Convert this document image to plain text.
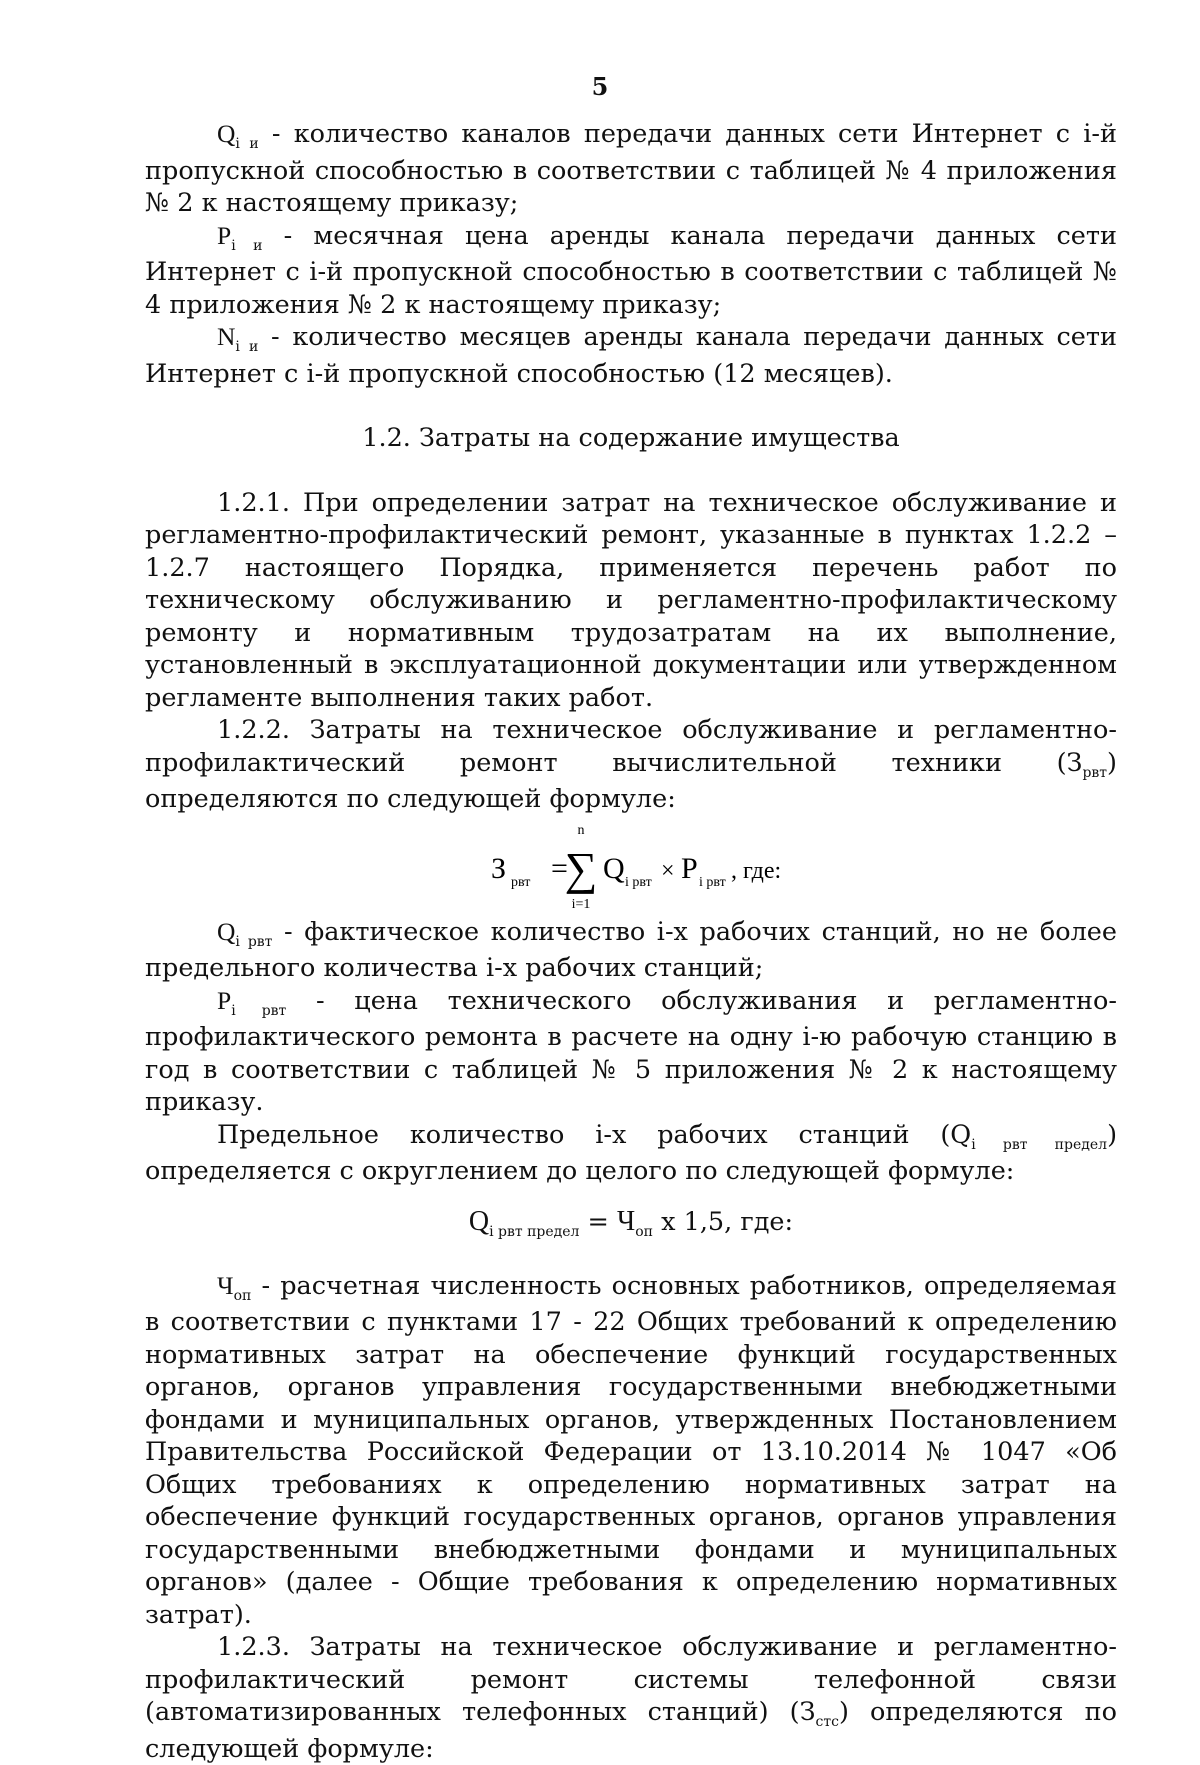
5

$Q_{i и}$ - количество каналов передачи данных сети Интернет с i-й пропускной способностью в соответствии с таблицей № 4 приложения № 2 к настоящему приказу;

$P_{i и}$ - месячная цена аренды канала передачи данных сети Интернет с i-й пропускной способностью в соответствии с таблицей № 4 приложения № 2 к настоящему приказу;

$N_{i и}$ - количество месяцев аренды канала передачи данных сети Интернет с i-й пропускной способностью (12 месяцев).

1.2. Затраты на содержание имущества

1.2.1. При определении затрат на техническое обслуживание и регламентно-профилактический ремонт, указанные в пунктах 1.2.2 – 1.2.7 настоящего Порядка, применяется перечень работ по техническому обслуживанию и регламентно-профилактическому ремонту и нормативным трудозатратам на их выполнение, установленный в эксплуатационной документации или утвержденном регламенте выполнения таких работ.

1.2.2. Затраты на техническое обслуживание и регламентно-профилактический ремонт вычислительной техники $(З_{рвт})$ определяются по следующей формуле:

З рвт =
n
∑
i=1
Q i рвт × P i рвт , где:

$Q_{i рвт}$ - фактическое количество i-х рабочих станций, но не более предельного количества i-х рабочих станций;

$P_{i рвт}$ - цена технического обслуживания и регламентно-профилактического ремонта в расчете на одну i-ю рабочую станцию в год в соответствии с таблицей № 5 приложения № 2 к настоящему приказу.

Предельное количество i-х рабочих станций $(Q_{i рвт предел})$ определяется с округлением до целого по следующей формуле:

$Q_{i рвт предел} = Ч_{оп}$ х 1,5, где:

$Ч_{оп}$ - расчетная численность основных работников, определяемая в соответствии с пунктами 17 - 22 Общих требований к определению нормативных затрат на обеспечение функций государственных органов, органов управления государственными внебюджетными фондами и муниципальных органов, утвержденных Постановлением Правительства Российской Федерации от 13.10.2014 № 1047 «Об Общих требованиях к определению нормативных затрат на обеспечение функций государственных органов, органов управления государственными внебюджетными фондами и муниципальных органов» (далее - Общие требования к определению нормативных затрат).

1.2.3. Затраты на техническое обслуживание и регламентно-профилактический ремонт системы телефонной связи (автоматизированных телефонных станций) $(З_{стс})$ определяются по следующей формуле:
